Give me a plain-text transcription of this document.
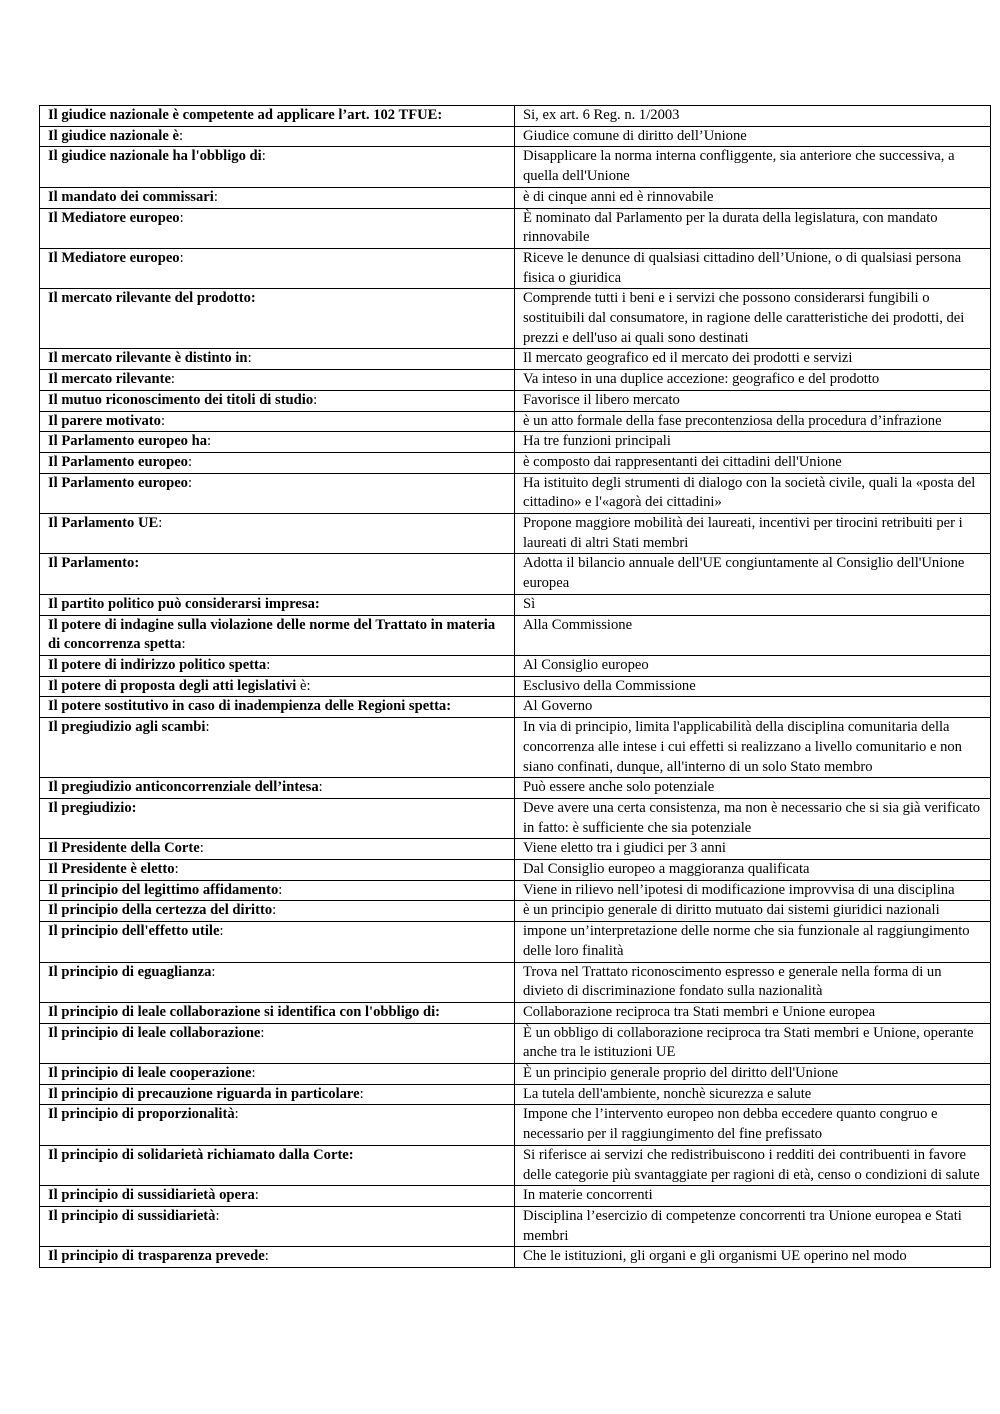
Il giudice nazionale è competente ad applicare l’art. 102 TFUE:	Si, ex art. 6 Reg. n. 1/2003
Il giudice nazionale è:	Giudice comune di diritto dell’Unione
Il giudice nazionale ha l'obbligo di:	Disapplicare la norma interna confliggente, sia anteriore che successiva, a quella dell'Unione
Il mandato dei commissari:	è di cinque anni ed è rinnovabile
Il Mediatore europeo:	È nominato dal Parlamento per la durata della legislatura, con mandato rinnovabile
Il Mediatore europeo:	Riceve le denunce di qualsiasi cittadino dell’Unione, o di qualsiasi persona fisica o giuridica
Il mercato rilevante del prodotto:	Comprende tutti i beni e i servizi che possono considerarsi fungibili o sostituibili dal consumatore, in ragione delle caratteristiche dei prodotti, dei prezzi e dell'uso ai quali sono destinati
Il mercato rilevante è distinto in:	Il mercato geografico ed il mercato dei prodotti e servizi
Il mercato rilevante:	Va inteso in una duplice accezione: geografico e del prodotto
Il mutuo riconoscimento dei titoli di studio:	Favorisce il libero mercato
Il parere motivato:	è un atto formale della fase precontenziosa della procedura d’infrazione
Il Parlamento europeo ha:	Ha tre funzioni principali
Il Parlamento europeo:	è composto dai rappresentanti dei cittadini dell'Unione
Il Parlamento europeo:	Ha istituito degli strumenti di dialogo con la società civile, quali la «posta del cittadino» e l'«agorà dei cittadini»
Il Parlamento UE:	Propone maggiore mobilità dei laureati, incentivi per tirocini retribuiti per i laureati di altri Stati membri
Il Parlamento:	Adotta il bilancio annuale dell'UE congiuntamente al Consiglio dell'Unione europea
Il partito politico può considerarsi impresa:	Sì
Il potere di indagine sulla violazione delle norme del Trattato in materia di concorrenza spetta:	Alla Commissione
Il potere di indirizzo politico spetta:	Al Consiglio europeo
Il potere di proposta degli atti legislativi è:	Esclusivo della Commissione
Il potere sostitutivo in caso di inadempienza delle Regioni spetta:	Al Governo
Il pregiudizio agli scambi:	In via di principio, limita l'applicabilità della disciplina comunitaria della concorrenza alle intese i cui effetti si realizzano a livello comunitario e non siano confinati, dunque, all'interno di un solo Stato membro
Il pregiudizio anticoncorrenziale dell’intesa:	Può essere anche solo potenziale
Il pregiudizio:	Deve avere una certa consistenza, ma non è necessario che si sia già verificato in fatto: è sufficiente che sia potenziale
Il Presidente della Corte:	Viene eletto tra i giudici per 3 anni
Il Presidente è eletto:	Dal Consiglio europeo a maggioranza qualificata
Il principio del legittimo affidamento:	Viene in rilievo nell’ipotesi di modificazione improvvisa di una disciplina
Il principio della certezza del diritto:	è un principio generale di diritto mutuato dai sistemi giuridici nazionali
Il principio dell'effetto utile:	impone un’interpretazione delle norme che sia funzionale al raggiungimento delle loro finalità
Il principio di eguaglianza:	Trova nel Trattato riconoscimento espresso e generale nella forma di un divieto di discriminazione fondato sulla nazionalità
Il principio di leale collaborazione si identifica con l'obbligo di:	Collaborazione reciproca tra Stati membri e Unione europea
Il principio di leale collaborazione:	È un obbligo di collaborazione reciproca tra Stati membri e Unione, operante anche tra le istituzioni UE
Il principio di leale cooperazione:	È un principio generale proprio del diritto dell'Unione
Il principio di precauzione riguarda in particolare:	La tutela dell'ambiente, nonchè sicurezza e salute
Il principio di proporzionalità:	Impone che l’intervento europeo non debba eccedere quanto congruo e necessario per il raggiungimento del fine prefissato
Il principio di solidarietà richiamato dalla Corte:	Si riferisce ai servizi che redistribuiscono i redditi dei contribuenti in favore delle categorie più svantaggiate per ragioni di età, censo o condizioni di salute
Il principio di sussidiarietà opera:	In materie concorrenti
Il principio di sussidiarietà:	Disciplina l’esercizio di competenze concorrenti tra Unione europea e Stati membri
Il principio di trasparenza prevede:	Che le istituzioni, gli organi e gli organismi UE operino nel modo
